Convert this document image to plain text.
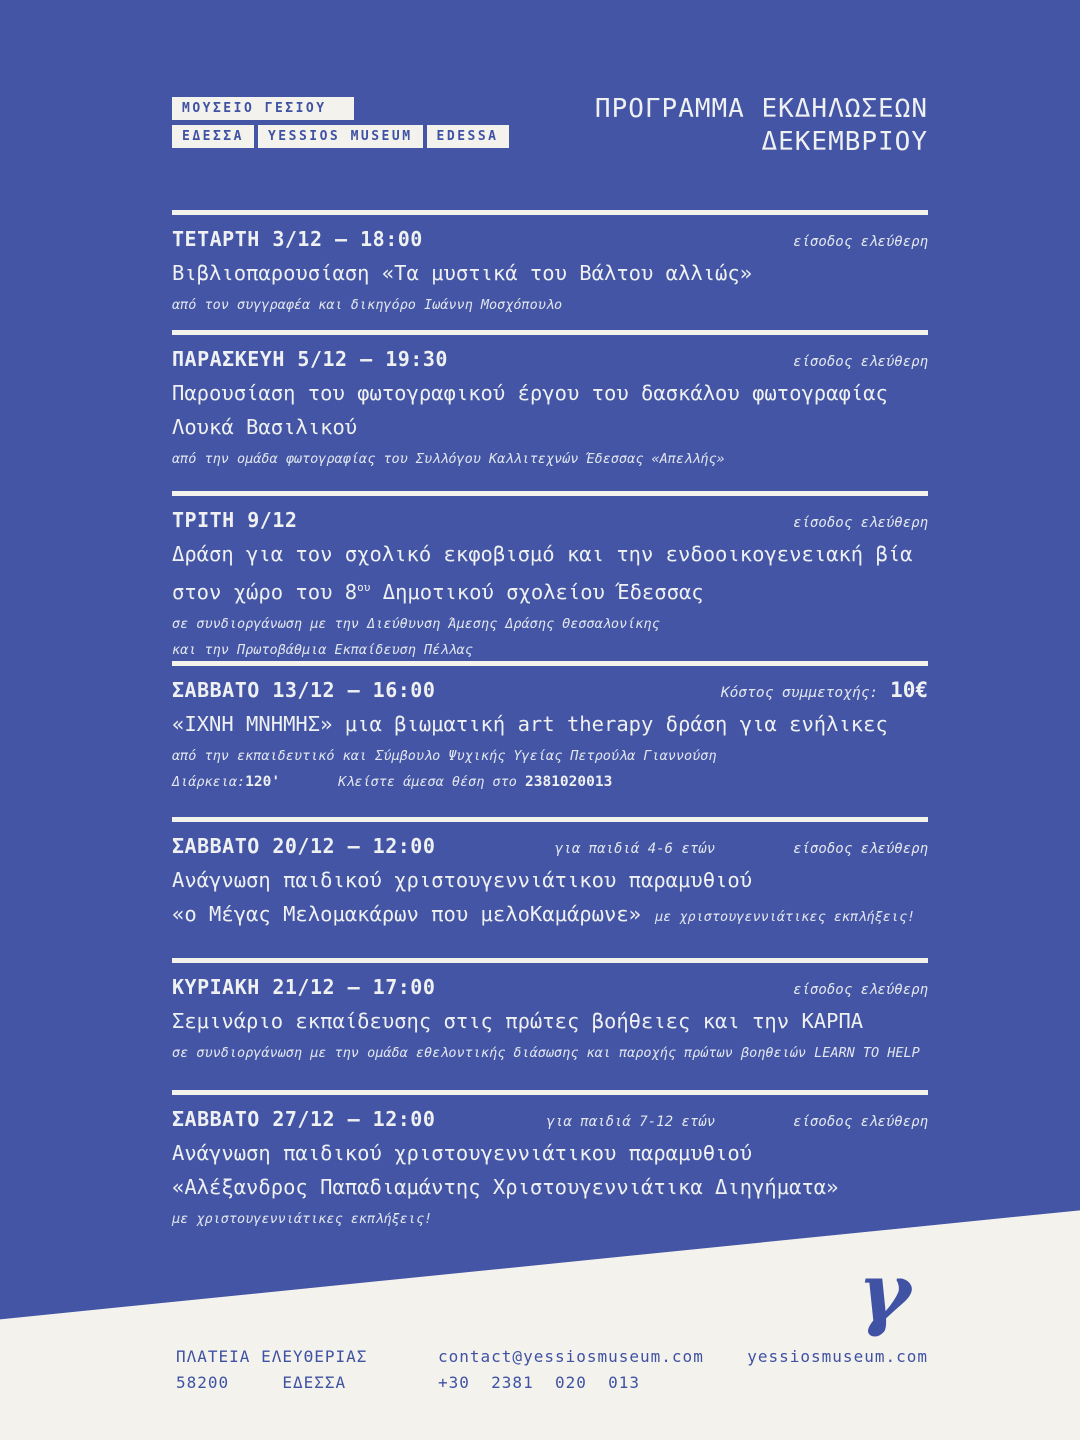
ΜΟΥΣΕΙΟ ΓΕΣΙΟΥ
ΕΔΕΣΣΑ	YESSIOS MUSEUM	EDESSA
ΠΡΟΓΡΑΜΜΑ ΕΚΔΗΛΩΣΕΩΝ
ΔΕΚΕΜΒΡΙΟΥ
ΤΕΤΑΡΤΗ 3/12 – 18:00	είσοδος ελεύθερη
Βιβλιοπαρουσίαση «Τα μυστικά του Βάλτου αλλιώς»
από τον συγγραφέα και δικηγόρο Ιωάννη Μοσχόπουλο
ΠΑΡΑΣΚΕΥΗ 5/12 – 19:30	είσοδος ελεύθερη
Παρουσίαση του φωτογραφικού έργου του δασκάλου φωτογραφίας
Λουκά Βασιλικού
από την ομάδα φωτογραφίας του Συλλόγου Καλλιτεχνών Έδεσσας «Απελλής»
ΤΡΙΤΗ 9/12	είσοδος ελεύθερη
Δράση για τον σχολικό εκφοβισμό και την ενδοοικογενειακή βία
στον χώρο του $8^{o\upsilon}$ Δημοτικού σχολείου Έδεσσας
σε συνδιοργάνωση με την Διεύθυνση Άμεσης Δράσης Θεσσαλονίκης
και την Πρωτοβάθμια Εκπαίδευση Πέλλας
ΣΑΒΒΑΤΟ 13/12 – 16:00	Κόστος συμμετοχής: 10€
«ΙΧΝΗ ΜΝΗΜΗΣ» μια βιωματική art therapy δράση για ενήλικες
από την εκπαιδευτικό και Σύμβουλο Ψυχικής Υγείας Πετρούλα Γιαννούση
Διάρκεια:120'	Κλείστε άμεσα θέση στο 2381020013
ΣΑΒΒΑΤΟ 20/12 – 12:00	για παιδιά 4-6 ετών	είσοδος ελεύθερη
Ανάγνωση παιδικού χριστουγεννιάτικου παραμυθιού
«ο Μέγας Μελομακάρων που μελοΚαμάρωνε» με χριστουγεννιάτικες εκπλήξεις!
ΚΥΡΙΑΚΗ 21/12 – 17:00	είσοδος ελεύθερη
Σεμινάριο εκπαίδευσης στις πρώτες βοήθειες και την ΚΑΡΠΑ
σε συνδιοργάνωση με την ομάδα εθελοντικής διάσωσης και παροχής πρώτων βοηθειών LEARN TO HELP
ΣΑΒΒΑΤΟ 27/12 – 12:00	για παιδιά 7-12 ετών	είσοδος ελεύθερη
Ανάγνωση παιδικού χριστουγεννιάτικου παραμυθιού
«Αλέξανδρος Παπαδιαμάντης Χριστουγεννιάτικα Διηγήματα»
με χριστουγεννιάτικες εκπλήξεις!
γ
ΠΛΑΤΕΙΑ ΕΛΕΥΘΕΡΙΑΣ
58200     ΕΔΕΣΣΑ
contact@yessiosmuseum.com
+30  2381  020  013
yessiosmuseum.com
